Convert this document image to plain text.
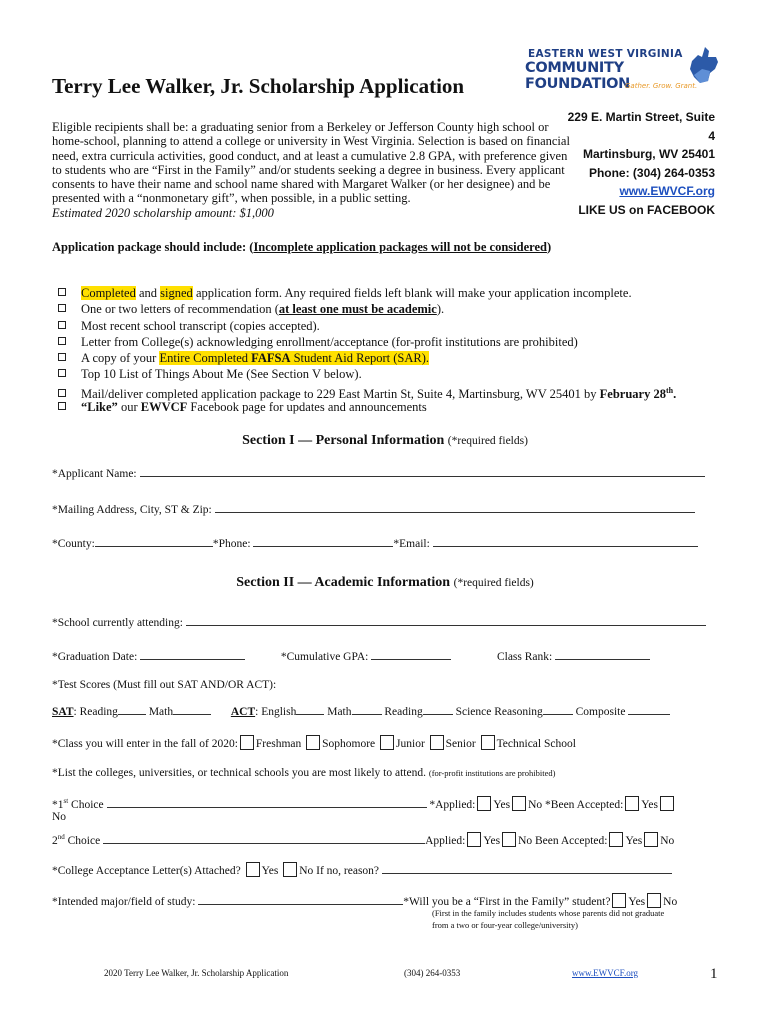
Terry Lee Walker, Jr. Scholarship Application
Eligible recipients shall be: a graduating senior from a Berkeley or Jefferson County high school or home-school, planning to attend a college or university in West Virginia. Selection is based on financial need, extra curricula activities, good conduct, and at least a cumulative 2.8 GPA, with preference given to students who are “First in the Family” and/or students seeking a degree in business. Every applicant consents to have their name and school name shared with Margaret Walker (or her designee) and be presented with a “nonmonetary gift”, when possible, in a public setting.
Estimated 2020 scholarship amount: $1,000
EASTERN WEST VIRGINIA
COMMUNITY FOUNDATION
Gather. Grow. Grant.
229 E. Martin Street, Suite 4
Martinsburg, WV 25401
Phone: (304) 264-0353
www.EWVCF.org
LIKE US on FACEBOOK
Application package should include: (Incomplete application packages will not be considered)
Completed and signed application form. Any required fields left blank will make your application incomplete.
One or two letters of recommendation (at least one must be academic).
Most recent school transcript (copies accepted).
Letter from College(s) acknowledging enrollment/acceptance (for-profit institutions are prohibited)
A copy of your Entire Completed FAFSA Student Aid Report (SAR).
Top 10 List of Things About Me (See Section V below).
Mail/deliver completed application package to 229 East Martin St, Suite 4, Martinsburg, WV 25401 by February 28th.
“Like” our EWVCF Facebook page for updates and announcements
Section I — Personal Information (*required fields)
*Applicant Name:
*Mailing Address, City, ST & Zip:
*County:	*Phone:	*Email:
Section II — Academic Information (*required fields)
*School currently attending:
*Graduation Date:	*Cumulative GPA:	Class Rank:
*Test Scores (Must fill out SAT AND/OR ACT):
SAT: Reading	Math	ACT: English	Math	Reading	Science Reasoning	Composite
*Class you will enter in the fall of 2020: Freshman Sophomore Junior Senior Technical School
*List the colleges, universities, or technical schools you are most likely to attend. (for-profit institutions are prohibited)
*1st Choice	*Applied: Yes No *Been Accepted: Yes
No
2nd Choice	Applied: Yes No Been Accepted: Yes No
*College Acceptance Letter(s) Attached? Yes No If no, reason?
*Intended major/field of study:	*Will you be a “First in the Family” student? Yes No
(First in the family includes students whose parents did not graduate
from a two or four-year college/university)
2020 Terry Lee Walker, Jr. Scholarship Application	(304) 264-0353	www.EWVCF.org	1
